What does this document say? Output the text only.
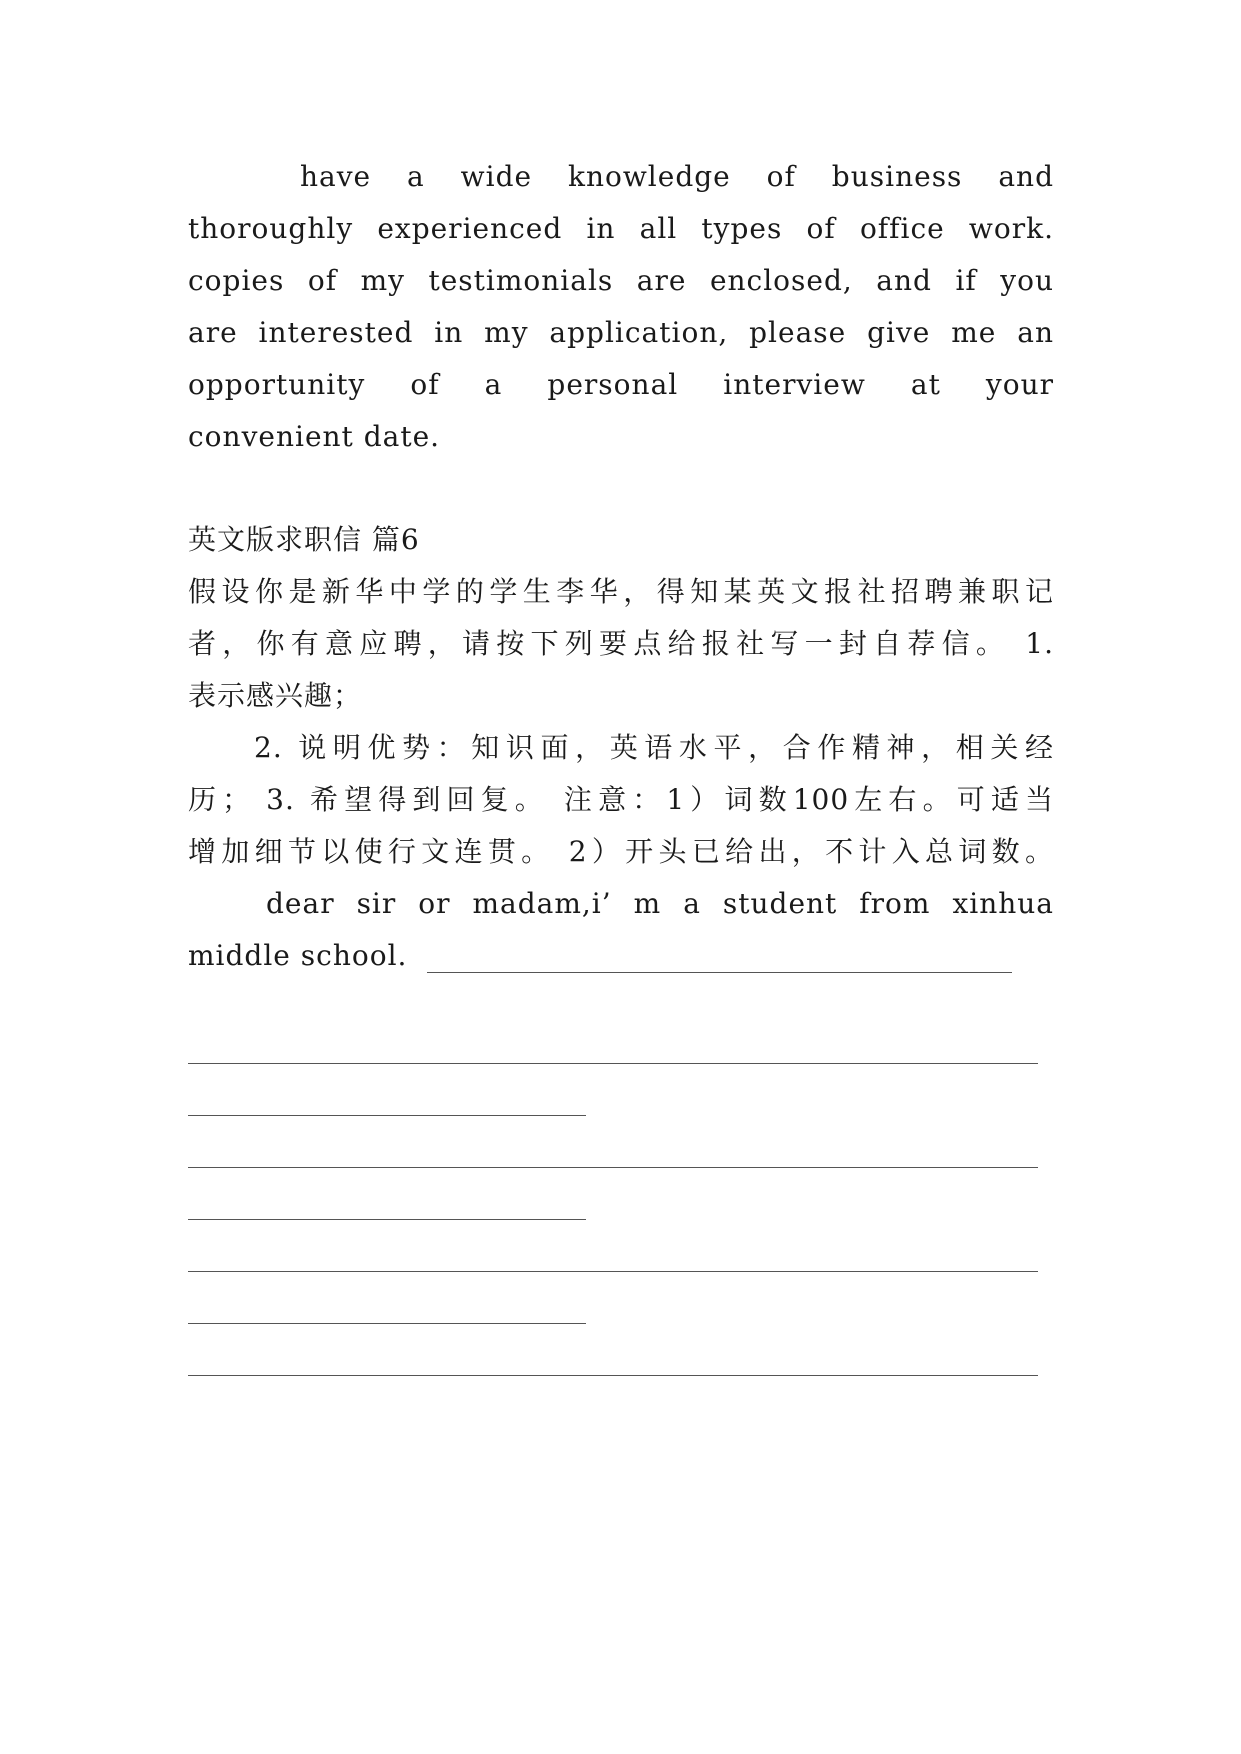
have a wide knowledge of business and
thoroughly experienced in all types of office work.
copies of my testimonials are enclosed, and if you
are interested in my application, please give me an
opportunity of a personal interview at your
convenient date.
英文版求职信 篇6
假设你是新华中学的学生李华，得知某英文报社招聘兼职记
者，你有意应聘，请按下列要点给报社写一封自荐信。 1.
表示感兴趣；
2. 说明优势：知识面，英语水平，合作精神，相关经
历； 3. 希望得到回复。 注意：1）词数100左右。可适当
增加细节以使行文连贯。 2）开头已给出，不计入总词数。
dear sir or madam,i’ m a student from xinhua
middle school.
